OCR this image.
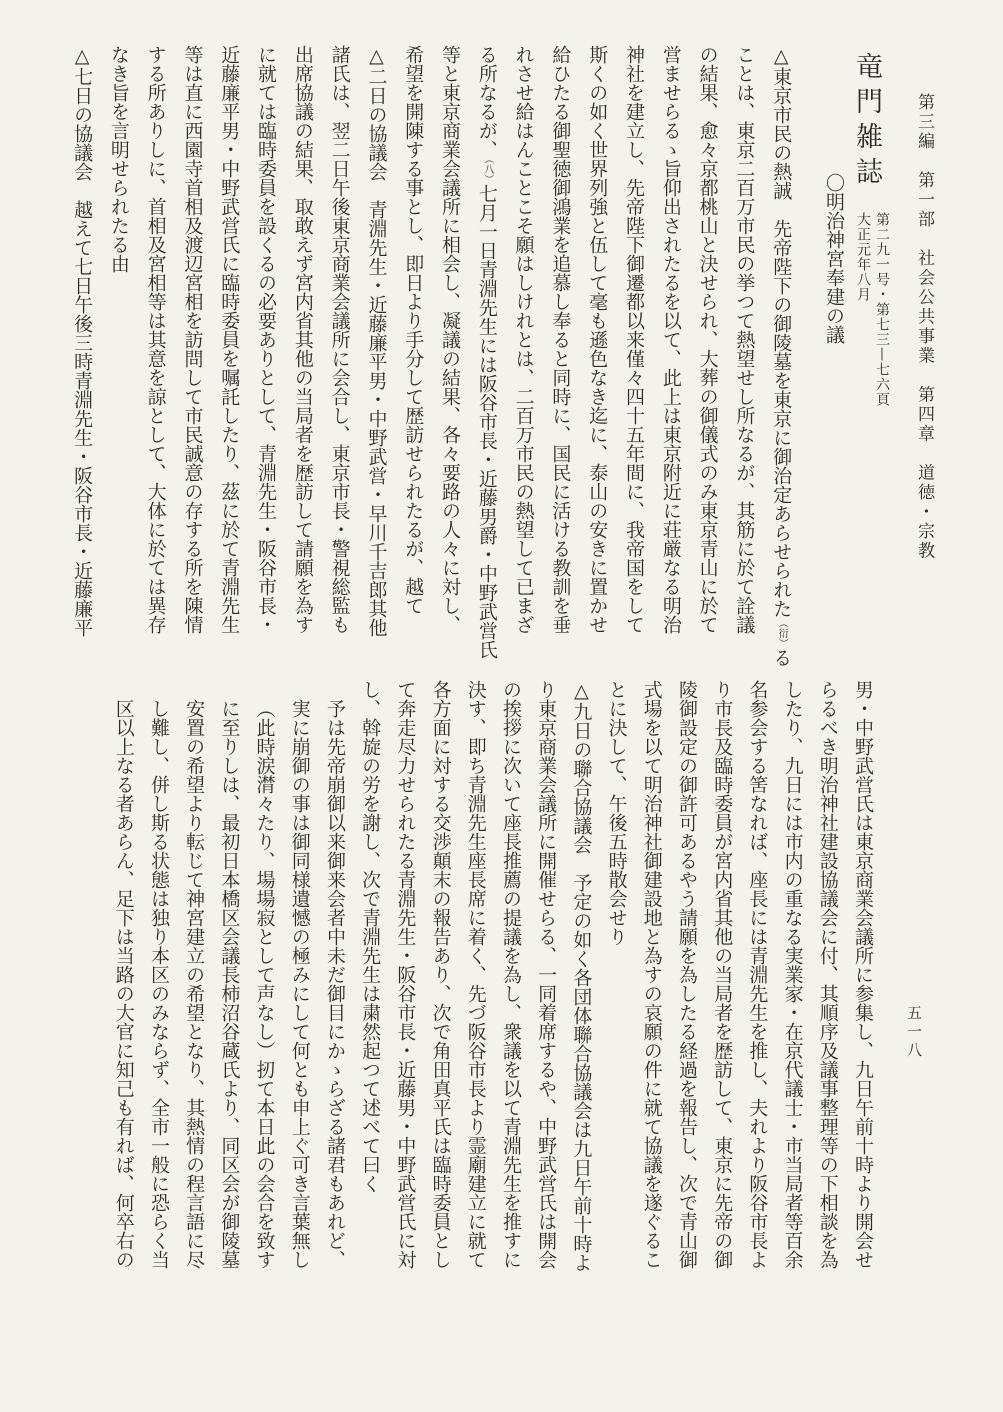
第三編　第一部　社会公共事業　第四章　道徳・宗教
竜門雑誌
第二九一号・第七三—七六頁
大正元年八月
〇明治神宮奉建の議
△東京市民の熱誠　先帝陛下の御陵墓を東京に御治定あらせられた（衍）る
ことは、東京二百万市民の挙つて熱望せし所なるが、其筋に於て詮議
の結果、愈々京都桃山と決せられ、大葬の御儀式のみ東京青山に於て
営ませらるゝ旨仰出されたるを以て、此上は東京附近に荘厳なる明治
神社を建立し、先帝陛下御遷都以来僅々四十五年間に、我帝国をして
斯くの如く世界列強と伍して毫も遜色なき迄に、泰山の安きに置かせ
給ひたる御聖徳御鴻業を追慕し奉ると同時に、国民に活ける教訓を垂
れさせ給はんことこそ願はしけれとは、二百万市民の熱望して已まざ
る所なるが、（八）七月一日青淵先生には阪谷市長・近藤男爵・中野武営氏
等と東京商業会議所に相会し、凝議の結果、各々要路の人々に対し、
希望を開陳する事とし、即日より手分して歴訪せられたるが、越て
△二日の協議会　青淵先生・近藤廉平男・中野武営・早川千吉郎其他
諸氏は、翌二日午後東京商業会議所に会合し、東京市長・警視総監も
出席協議の結果、取敢えず宮内省其他の当局者を歴訪して請願を為す
に就ては臨時委員を設くるの必要ありとして、青淵先生・阪谷市長・
近藤廉平男・中野武営氏に臨時委員を嘱託したり、茲に於て青淵先生
等は直に西園寺首相及渡辺宮相を訪問して市民誠意の存する所を陳情
する所ありしに、首相及宮相等は其意を諒として、大体に於ては異存
なき旨を言明せられたる由
△七日の協議会　越えて七日午後三時青淵先生・阪谷市長・近藤廉平
男・中野武営氏は東京商業会議所に参集し、九日午前十時より開会せ
らるべき明治神社建設協議会に付、其順序及議事整理等の下相談を為
したり、九日には市内の重なる実業家・在京代議士・市当局者等百余
名参会する筈なれば、座長には青淵先生を推し、夫れより阪谷市長よ
り市長及臨時委員が宮内省其他の当局者を歴訪して、東京に先帝の御
陵御設定の御許可あるやう請願を為したる経過を報告し、次で青山御
式場を以て明治神社御建設地と為すの哀願の件に就て協議を遂ぐるこ
とに決して、午後五時散会せり
△九日の聯合協議会　予定の如く各団体聯合協議会は九日午前十時よ
り東京商業会議所に開催せらる、一同着席するや、中野武営氏は開会
の挨拶に次いて座長推薦の提議を為し、衆議を以て青淵先生を推すに
決す、即ち青淵先生座長席に着く、先づ阪谷市長より霊廟建立に就て
各方面に対する交渉顛末の報告あり、次で角田真平氏は臨時委員とし
て奔走尽力せられたる青淵先生・阪谷市長・近藤男・中野武営氏に対
し、斡旋の労を謝し、次で青淵先生は粛然起つて述べて曰く
予は先帝崩御以来御来会者中未だ御目にかゝらざる諸君もあれど、
実に崩御の事は御同様遺憾の極みにして何とも申上ぐ可き言葉無し
（此時涙潸々たり、場場寂として声なし）扨て本日此の会合を致す
に至りしは、最初日本橋区会議長柿沼谷蔵氏より、同区会が御陵墓
安置の希望より転じて神宮建立の希望となり、其熱情の程言語に尽
し難し、併し斯る状態は独り本区のみならず、全市一般に恐らく当
区以上なる者あらん、足下は当路の大官に知己も有れば、何卒右の	五一八
